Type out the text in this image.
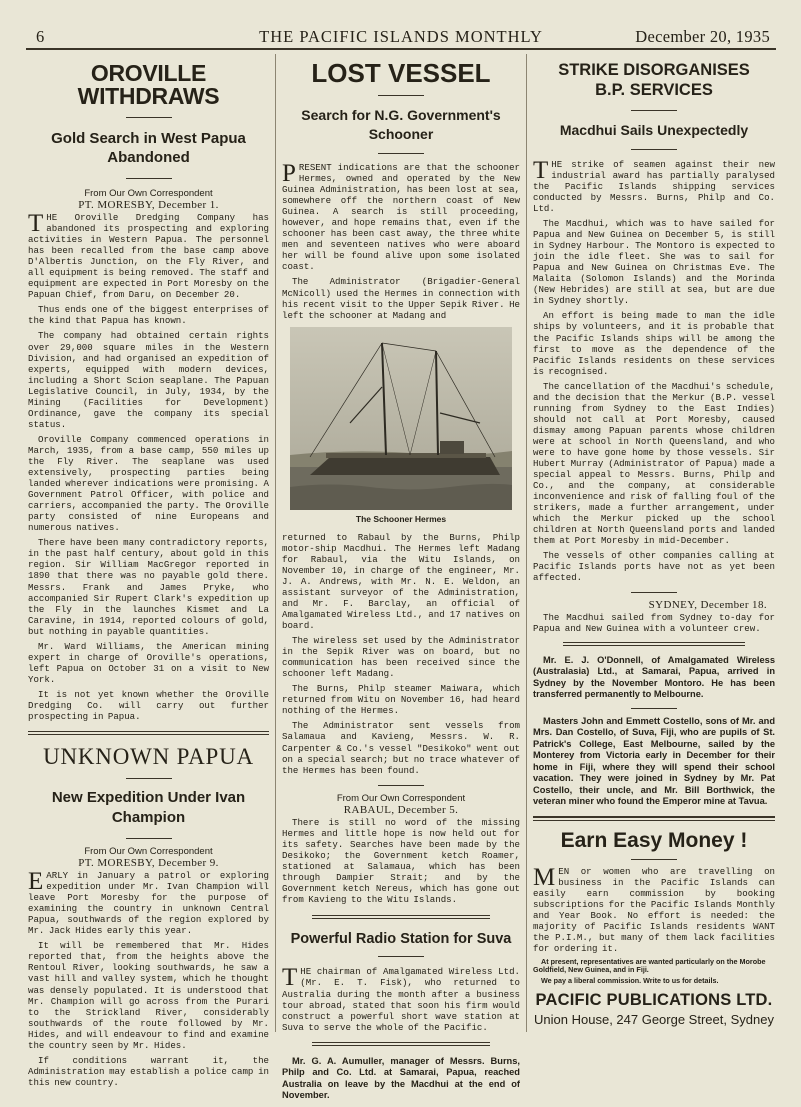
6	THE PACIFIC ISLANDS MONTHLY	December 20, 1935
OROVILLE WITHDRAWS
Gold Search in West Papua Abandoned

From Our Own Correspondent

PT. MORESBY, December 1.

THE Oroville Dredging Company has abandoned its prospecting and exploring activities in Western Papua. The personnel has been recalled from the base camp above D'Albertis Junction, on the Fly River, and all equipment is being removed. The staff and equipment are expected in Port Moresby on the Papuan Chief, from Daru, on December 20.

Thus ends one of the biggest enterprises of the kind that Papua has known.

The company had obtained certain rights over 29,000 square miles in the Western Division, and had organised an expedition of experts, equipped with modern devices, including a Short Scion seaplane. The Papuan Legislative Council, in July, 1934, by the Mining (Facilities for Development) Ordinance, gave the company its special status.

Oroville Company commenced operations in March, 1935, from a base camp, 550 miles up the Fly River. The seaplane was used extensively, prospecting parties being landed wherever indications were promising. A Government Patrol Officer, with police and carriers, accompanied the party. The Oroville party consisted of nine Europeans and numerous natives.

There have been many contradictory reports, in the past half century, about gold in this region. Sir William MacGregor reported in 1890 that there was no payable gold there. Messrs. Frank and James Pryke, who accompanied Sir Rupert Clark's expedition up the Fly in the launches Kismet and La Caravine, in 1914, reported colours of gold, but nothing in payable quantities.

Mr. Ward Williams, the American mining expert in charge of Oroville's operations, left Papua on October 31 on a visit to New York.

It is not yet known whether the Oroville Dredging Co. will carry out further prospecting in Papua.

UNKNOWN PAPUA
New Expedition Under Ivan Champion

From Our Own Correspondent

PT. MORESBY, December 9.

EARLY in January a patrol or exploring expedition under Mr. Ivan Champion will leave Port Moresby for the purpose of examining the country in unknown Central Papua, southwards of the region explored by Mr. Jack Hides early this year.

It will be remembered that Mr. Hides reported that, from the heights above the Rentoul River, looking southwards, he saw a vast hill and valley system, which he thought was densely populated. It is understood that Mr. Champion will go across from the Purari to the Strickland River, considerably southwards of the route followed by Mr. Hides, and will endeavour to find and examine the country seen by Mr. Hides.

If conditions warrant it, the Administration may establish a police camp in this new country.

LOST VESSEL
Search for N.G. Government's Schooner

PRESENT indications are that the schooner Hermes, owned and operated by the New Guinea Administration, has been lost at sea, somewhere off the northern coast of New Guinea. A search is still proceeding, however, and hope remains that, even if the schooner has been cast away, the three white men and seventeen natives who were aboard her will be found alive upon some isolated coast.

The Administrator (Brigadier-General McNicoll) used the Hermes in connection with his recent visit to the Upper Sepik River. He left the schooner at Madang and

The Schooner Hermes

returned to Rabaul by the Burns, Philp motor-ship Macdhui. The Hermes left Madang for Rabaul, via the Witu Islands, on November 10, in charge of the engineer, Mr. J. A. Andrews, with Mr. N. E. Weldon, an assistant surveyor of the Administration, and Mr. F. Barclay, an official of Amalgamated Wireless Ltd., and 17 natives on board.

The wireless set used by the Administrator in the Sepik River was on board, but no communication has been received since the schooner left Madang.

The Burns, Philp steamer Maiwara, which returned from Witu on November 16, had heard nothing of the Hermes.

The Administrator sent vessels from Salamaua and Kavieng, Messrs. W. R. Carpenter & Co.'s vessel "Desikoko" went out on a special search; but no trace whatever of the Hermes has been found.

From Our Own Correspondent

RABAUL, December 5.

There is still no word of the missing Hermes and little hope is now held out for its safety. Searches have been made by the Desikoko; the Government ketch Roamer, stationed at Salamaua, which has been through Dampier Strait; and by the Government ketch Nereus, which has gone out from Kavieng to the Witu Islands.

Powerful Radio Station for Suva

THE chairman of Amalgamated Wireless Ltd. (Mr. E. T. Fisk), who returned to Australia during the month after a business tour abroad, stated that soon his firm would construct a powerful short wave station at Suva to serve the whole of the Pacific.

Mr. G. A. Aumuller, manager of Messrs. Burns, Philp and Co. Ltd. at Samarai, Papua, reached Australia on leave by the Macdhui at the end of November.

STRIKE DISORGANISES
B.P. SERVICES
Macdhui Sails Unexpectedly

THE strike of seamen against their new industrial award has partially paralysed the Pacific Islands shipping services conducted by Messrs. Burns, Philp and Co. Ltd.

The Macdhui, which was to have sailed for Papua and New Guinea on December 5, is still in Sydney Harbour. The Montoro is expected to join the idle fleet. She was to sail for Papua and New Guinea on Christmas Eve. The Malaita (Solomon Islands) and the Morinda (New Hebrides) are still at sea, but are due in Sydney shortly.

An effort is being made to man the idle ships by volunteers, and it is probable that the Pacific Islands ships will be among the first to move as the dependence of the Pacific Islands residents on these services is recognised.

The cancellation of the Macdhui's schedule, and the decision that the Merkur (B.P. vessel running from Sydney to the East Indies) should not call at Port Moresby, caused dismay among Papuan parents whose children were at school in North Queensland, and who were to have gone home by those vessels. Sir Hubert Murray (Administrator of Papua) made a special appeal to Messrs. Burns, Philp and Co., and the company, at considerable inconvenience and risk of falling foul of the strikers, made a further arrangement, under which the Merkur picked up the school children at North Queensland ports and landed them at Port Moresby in mid-December.

The vessels of other companies calling at Pacific Islands ports have not as yet been affected.

SYDNEY, December 18.

The Macdhui sailed from Sydney to-day for Papua and New Guinea with a volunteer crew.

Mr. E. J. O'Donnell, of Amalgamated Wireless (Australasia) Ltd., at Samarai, Papua, arrived in Sydney by the November Montoro. He has been transferred permanently to Melbourne.

Masters John and Emmett Costello, sons of Mr. and Mrs. Dan Costello, of Suva, Fiji, who are pupils of St. Patrick's College, East Melbourne, sailed by the Monterey from Victoria early in December for their home in Fiji, where they will spend their school vacation. They were joined in Sydney by Mr. Pat Costello, their uncle, and Mr. Bill Borthwick, the veteran miner who found the Emperor mine at Tavua.

Earn Easy Money !

MEN or women who are travelling on business in the Pacific Islands can easily earn commission by booking subscriptions for the Pacific Islands Monthly and Year Book. No effort is needed: the majority of Pacific Islands residents WANT the P.I.M., but many of them lack facilities for ordering it.

At present, representatives are wanted particularly on the Morobe Goldfield, New Guinea, and in Fiji.

We pay a liberal commission. Write to us for details.

PACIFIC PUBLICATIONS LTD.

Union House, 247 George Street, Sydney
